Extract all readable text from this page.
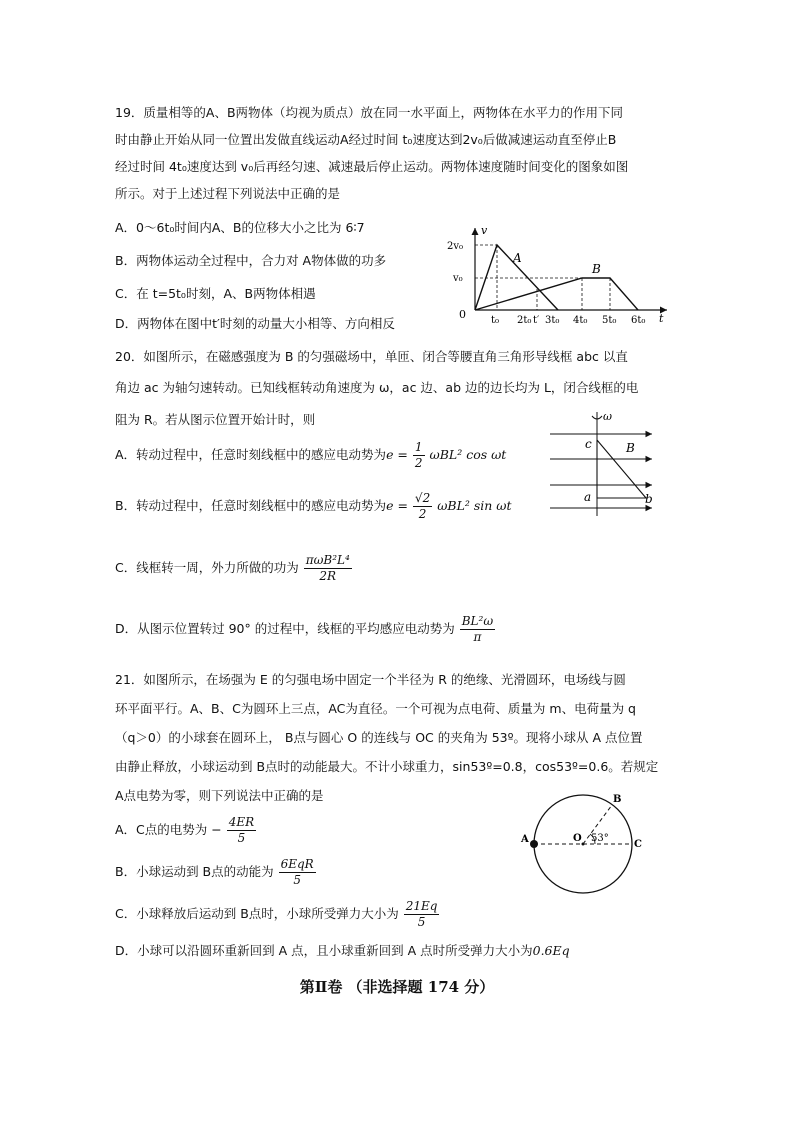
19．质量相等的A、B两物体（均视为质点）放在同一水平面上，两物体在水平力的作用下同
时由静止开始从同一位置出发做直线运动A经过时间 t₀速度达到2v₀后做减速运动直至停止B
经过时间 4t₀速度达到 v₀后再经匀速、减速最后停止运动。两物体速度随时间变化的图象如图
所示。对于上述过程下列说法中正确的是
A．0～6t₀时间内A、B的位移大小之比为 6∶7
B．两物体运动全过程中，合力对 A物体做的功多
C．在 t=5t₀时刻，A、B两物体相遇
D．两物体在图中t′时刻的动量大小相等、方向相反
v
t
0
2v₀
v₀
A
B
t₀ 2t₀ t′ 3t₀ 4t₀ 5t₀ 6t₀
20．如图所示，在磁感强度为 B 的匀强磁场中，单匝、闭合等腰直角三角形导线框 abc 以直
角边 ac 为轴匀速转动。已知线框转动角速度为 ω，ac 边、ab 边的边长均为 L，闭合线框的电
阻为 R。若从图示位置开始计时，则
A．转动过程中，任意时刻线框中的感应电动势为$e = \frac{1}{2} \omega BL^2$ cos ωt
B．转动过程中，任意时刻线框中的感应电动势为$e = \frac{√2}{2} \omega BL^2$ sin ωt
C．线框转一周，外力所做的功为 $\frac{\text{πωB²L⁴}}{2R}$
D．从图示位置转过 90° 的过程中，线框的平均感应电动势为 $\frac{\text{BL²ω}}{\pi}$
ω
c	B
a	b
21．如图所示，在场强为 E 的匀强电场中固定一个半径为 R 的绝缘、光滑圆环，电场线与圆
环平面平行。A、B、C为圆环上三点，AC为直径。一个可视为点电荷、质量为 m、电荷量为 q
（q＞0）的小球套在圆环上， B点与圆心 O 的连线与 OC 的夹角为 53º。现将小球从 A 点位置
由静止释放，小球运动到 B点时的动能最大。不计小球重力，sin53º=0.8，cos53º=0.6。若规定
A点电势为零，则下列说法中正确的是
A．C点的电势为 − $\frac{4ER}{5}$
B．小球运动到 B点的动能为 $\frac{\text{6EqR}}{5}$
C．小球释放后运动到 B点时，小球所受弹力大小为 $\frac{21Eq}{5}$
D．小球可以沿圆环重新回到 A 点，且小球重新回到 A 点时所受弹力大小为0.6Eq
A
B
C
O 53°
第Ⅱ卷 （非选择题 174 分）
